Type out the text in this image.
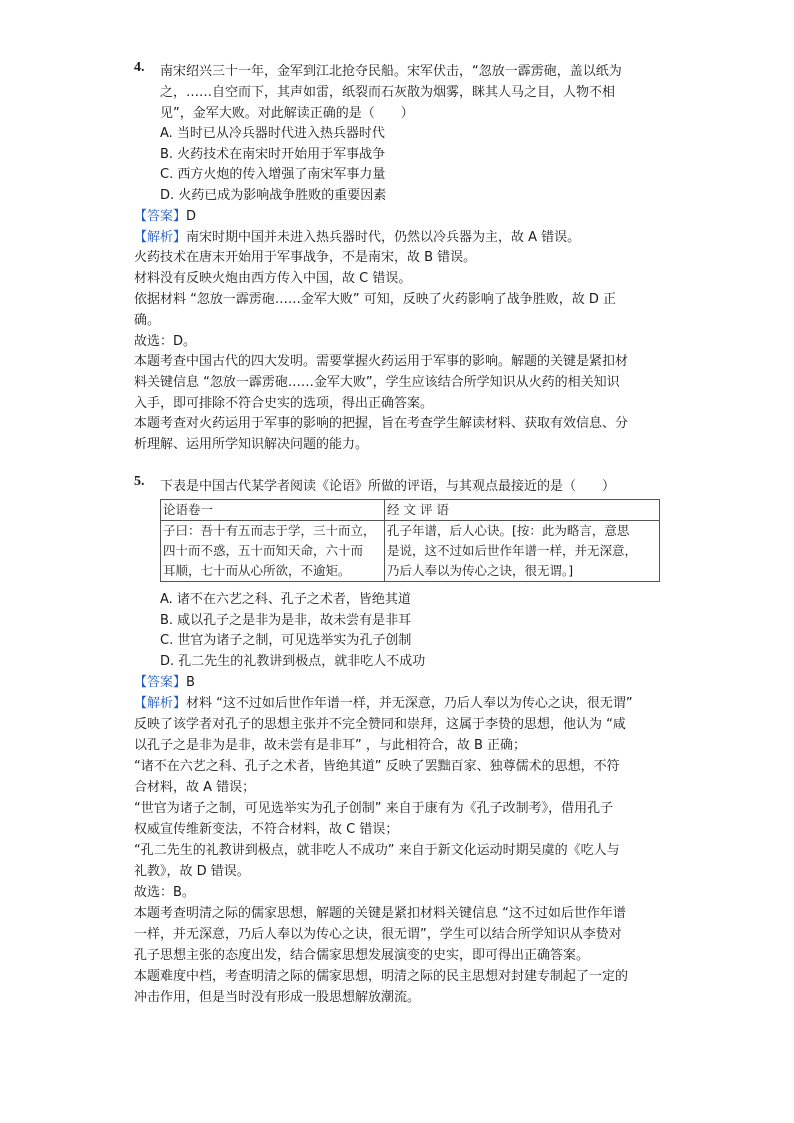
4. 南宋绍兴三十一年，金军到江北抢夺民船。宋军伏击，“忽放一霹雳砲，盖以纸为
之，……自空而下，其声如雷，纸裂而石灰散为烟雾，眯其人马之目，人物不相
见”，金军大败。对此解读正确的是（　　）
A. 当时已从冷兵器时代进入热兵器时代
B. 火药技术在南宋时开始用于军事战争
C. 西方火炮的传入增强了南宋军事力量
D. 火药已成为影响战争胜败的重要因素
【答案】D
【解析】南宋时期中国并未进入热兵器时代，仍然以冷兵器为主，故 A 错误。
火药技术在唐末开始用于军事战争，不是南宋，故 B 错误。
材料没有反映火炮由西方传入中国，故 C 错误。
依据材料 “忽放一霹雳砲……金军大败” 可知，反映了火药影响了战争胜败，故 D 正
确。
故选：D。
本题考查中国古代的四大发明。需要掌握火药运用于军事的影响。解题的关键是紧扣材
料关键信息 “忽放一霹雳砲……金军大败”，学生应该结合所学知识从火药的相关知识
入手，即可排除不符合史实的选项，得出正确答案。
本题考查对火药运用于军事的影响的把握，旨在考查学生解读材料、获取有效信息、分
析理解、运用所学知识解决问题的能力。
5. 下表是中国古代某学者阅读《论语》所做的评语，与其观点最接近的是（　　）
论语卷一	经 文 评 语

子曰：吾十有五而志于学，三十而立，
四十而不惑，五十而知天命，六十而
耳顺，七十而从心所欲，不逾矩。	孔子年谱，后人心诀。[按：此为略言，意思
是说，这不过如后世作年谱一样，并无深意，
乃后人奉以为传心之诀，很无谓。]
A. 诸不在六艺之科、孔子之术者，皆绝其道
B. 咸以孔子之是非为是非，故未尝有是非耳
C. 世官为诸子之制，可见选举实为孔子创制
D. 孔二先生的礼教讲到极点，就非吃人不成功
【答案】B
【解析】材料 “这不过如后世作年谱一样，并无深意，乃后人奉以为传心之诀，很无谓”
反映了该学者对孔子的思想主张并不完全赞同和崇拜，这属于李贽的思想，他认为 “咸
以孔子之是非为是非，故未尝有是非耳” ，与此相符合，故 B 正确；
“诸不在六艺之科、孔子之术者，皆绝其道” 反映了罢黜百家、独尊儒术的思想，不符
合材料，故 A 错误；
“世官为诸子之制，可见选举实为孔子创制” 来自于康有为《孔子改制考》，借用孔子
权威宣传维新变法，不符合材料，故 C 错误；
“孔二先生的礼教讲到极点，就非吃人不成功” 来自于新文化运动时期吴虞的《吃人与
礼教》，故 D 错误。
故选：B。
本题考查明清之际的儒家思想，解题的关键是紧扣材料关键信息 “这不过如后世作年谱
一样，并无深意，乃后人奉以为传心之诀，很无谓”，学生可以结合所学知识从李贽对
孔子思想主张的态度出发，结合儒家思想发展演变的史实，即可得出正确答案。
本题难度中档，考查明清之际的儒家思想，明清之际的民主思想对封建专制起了一定的
冲击作用，但是当时没有形成一股思想解放潮流。
